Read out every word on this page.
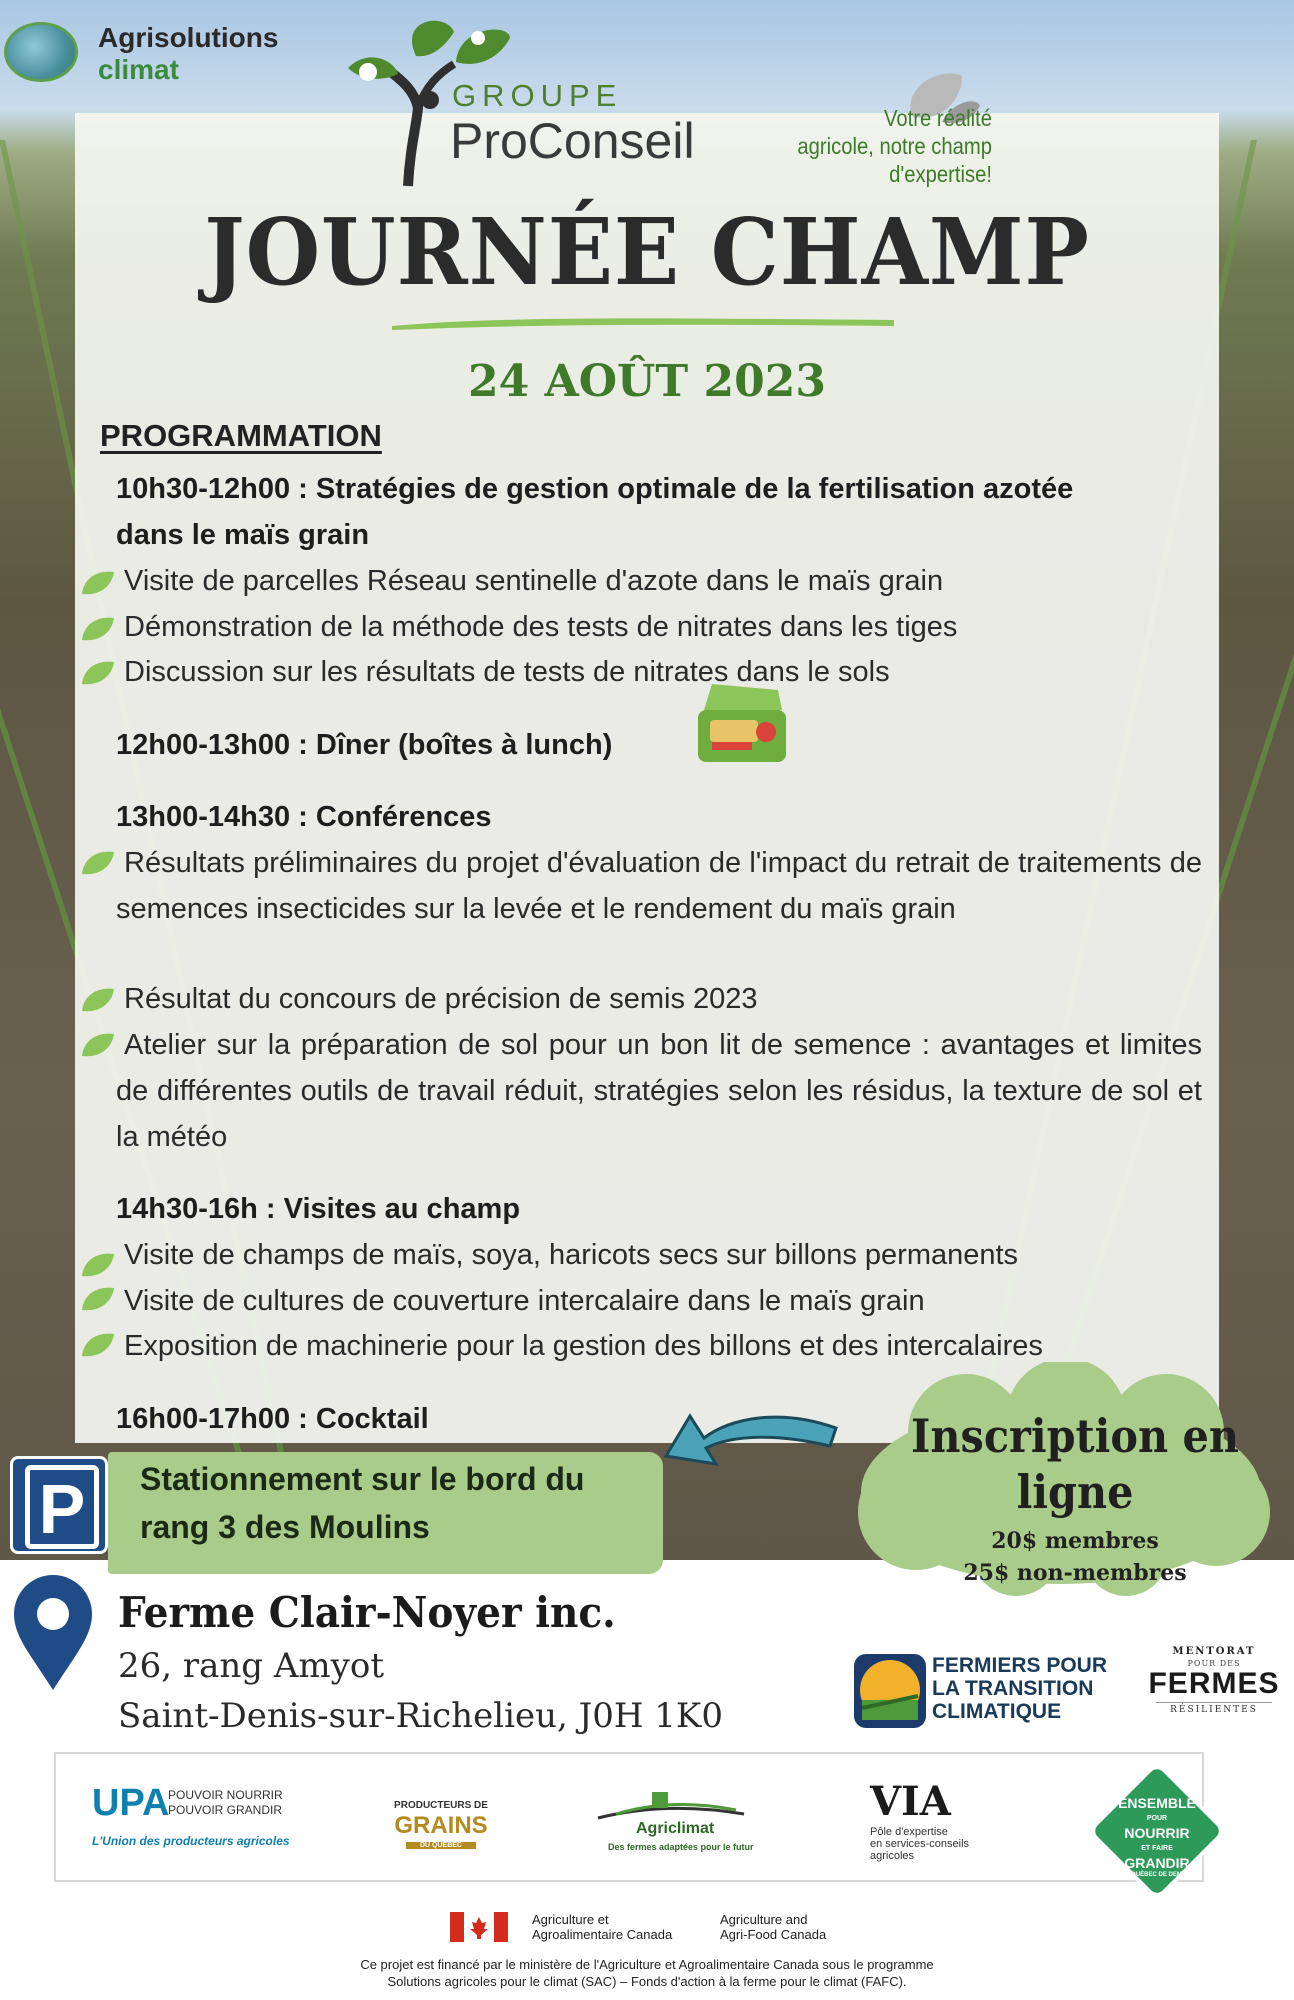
Agrisolutions
climat
GROUPE
ProConseil	Votre réalité
agricole, notre champ
d'expertise!
JOURNÉE CHAMP
24 AOÛT 2023
PROGRAMMATION
10h30-12h00 : Stratégies de gestion optimale de la fertilisation azotée dans le maïs grain
Visite de parcelles Réseau sentinelle d'azote dans le maïs grain
Démonstration de la méthode des tests de nitrates dans les tiges
Discussion sur les résultats de tests de nitrates dans le sols
12h00-13h00 : Dîner (boîtes à lunch)
13h00-14h30 : Conférences
Résultats préliminaires du projet d'évaluation de l'impact du retrait de traitements de semences insecticides sur la levée et le rendement du maïs grain
Résultat du concours de précision de semis 2023
Atelier sur la préparation de sol pour un bon lit de semence : avantages et limites de différentes outils de travail réduit, stratégies selon les résidus, la texture de sol et la météo
14h30-16h : Visites au champ
Visite de champs de maïs, soya, haricots secs sur billons permanents
Visite de cultures de couverture intercalaire dans le maïs grain
Exposition de machinerie pour la gestion des billons et des intercalaires
16h00-17h00 : Cocktail
P	Stationnement sur le bord du rang 3 des Moulins
Inscription en ligne
20$ membres
25$ non-membres
Ferme Clair-Noyer inc.
26, rang Amyot
Saint-Denis-sur-Richelieu, J0H 1K0
FERMIERS POUR
LA TRANSITION
CLIMATIQUE
MENTORAT
POUR DES
FERMES
RÉSILIENTES
UPA
POUVOIR NOURRIR
POUVOIR GRANDIR
L'Union des producteurs agricoles
PRODUCTEURS DE
GRAINS
DU QUÉBEC
Agriclimat
Des fermes adaptées pour le futur
VIA
Pôle d'expertise
en services-conseils
agricoles
ENSEMBLE
POUR
NOURRIR
ET FAIRE
GRANDIR
LE QUÉBEC DE DEMAIN
Agriculture et
Agroalimentaire Canada
Agriculture and
Agri-Food Canada
Ce projet est financé par le ministère de l'Agriculture et Agroalimentaire Canada sous le programme
Solutions agricoles pour le climat (SAC) – Fonds d'action à la ferme pour le climat (FAFC).
